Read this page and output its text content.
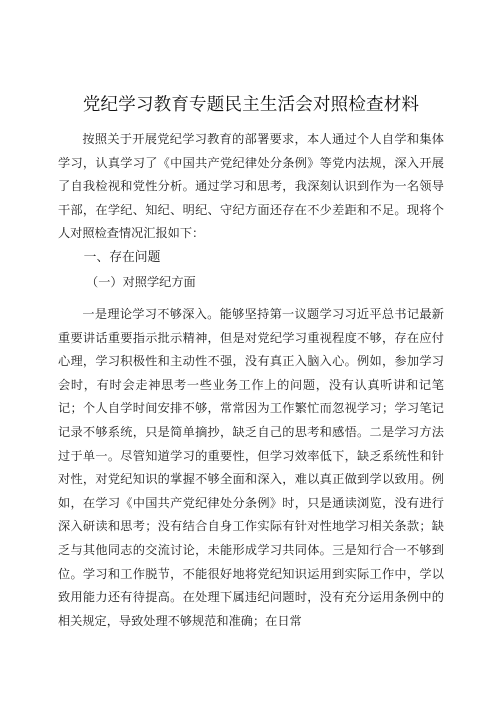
党纪学习教育专题民主生活会对照检查材料

按照关于开展党纪学习教育的部署要求，本人通过个人自学和集体学习，认真学习了《中国共产党纪律处分条例》等党内法规，深入开展了自我检视和党性分析。通过学习和思考，我深刻认识到作为一名领导干部，在学纪、知纪、明纪、守纪方面还存在不少差距和不足。现将个人对照检查情况汇报如下：

一、存在问题
（一）对照学纪方面

一是理论学习不够深入。能够坚持第一议题学习习近平总书记最新重要讲话重要指示批示精神，但是对党纪学习重视程度不够，存在应付心理，学习积极性和主动性不强，没有真正入脑入心。例如，参加学习会时，有时会走神思考一些业务工作上的问题，没有认真听讲和记笔记；个人自学时间安排不够，常常因为工作繁忙而忽视学习；学习笔记记录不够系统，只是简单摘抄，缺乏自己的思考和感悟。二是学习方法过于单一。尽管知道学习的重要性，但学习效率低下，缺乏系统性和针对性，对党纪知识的掌握不够全面和深入，难以真正做到学以致用。例如，在学习《中国共产党纪律处分条例》时，只是通读浏览，没有进行深入研读和思考；没有结合自身工作实际有针对性地学习相关条款；缺乏与其他同志的交流讨论，未能形成学习共同体。三是知行合一不够到位。学习和工作脱节，不能很好地将党纪知识运用到实际工作中，学以致用能力还有待提高。在处理下属违纪问题时，没有充分运用条例中的相关规定，导致处理不够规范和准确；在日常
